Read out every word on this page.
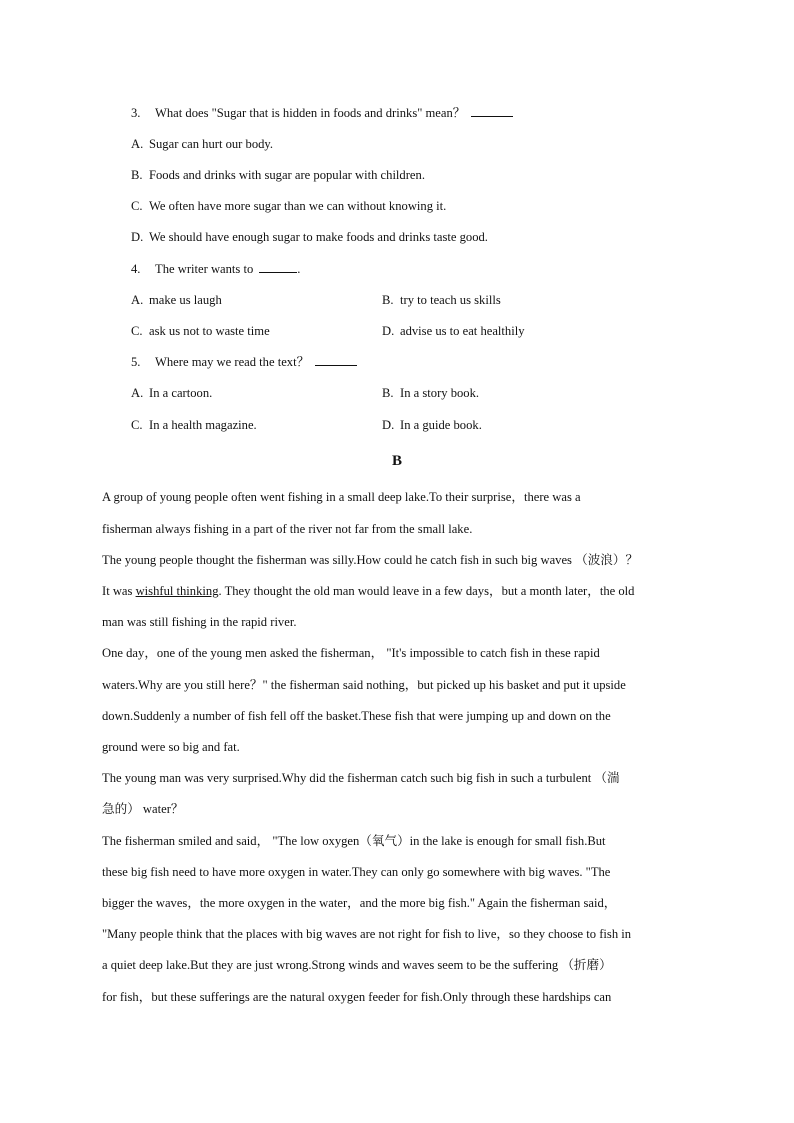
3. What does "Sugar that is hidden in foods and drinks" mean？
A. Sugar can hurt our body.
B. Foods and drinks with sugar are popular with children.
C. We often have more sugar than we can without knowing it.
D. We should have enough sugar to make foods and drinks taste good.
4. The writer wants to	.
A. make us laugh	B. try to teach us skills
C. ask us not to waste time	D. advise us to eat healthily
5. Where may we read the text？
A. In a cartoon.	B. In a story book.
C. In a health magazine.	D. In a guide book.
B
A group of young people often went fishing in a small deep lake.To their surprise，there was a
fisherman always fishing in a part of the river not far from the small lake.
The young people thought the fisherman was silly.How could he catch fish in such big waves （波浪）？
It was wishful thinking. They thought the old man would leave in a few days，but a month later，the old
man was still fishing in the rapid river.
One day，one of the young men asked the fisherman， "It's impossible to catch fish in these rapid
waters.Why are you still here？" the fisherman said nothing，but picked up his basket and put it upside
down.Suddenly a number of fish fell off the basket.These fish that were jumping up and down on the
ground were so big and fat.
The young man was very surprised.Why did the fisherman catch such big fish in such a turbulent （湍
急的） water？
The fisherman smiled and said， "The low oxygen（氧气）in the lake is enough for small fish.But
these big fish need to have more oxygen in water.They can only go somewhere with big waves. "The
bigger the waves，the more oxygen in the water，and the more big fish." Again the fisherman said，
"Many people think that the places with big waves are not right for fish to live，so they choose to fish in
a quiet deep lake.But they are just wrong.Strong winds and waves seem to be the suffering （折磨）
for fish，but these sufferings are the natural oxygen feeder for fish.Only through these hardships can
